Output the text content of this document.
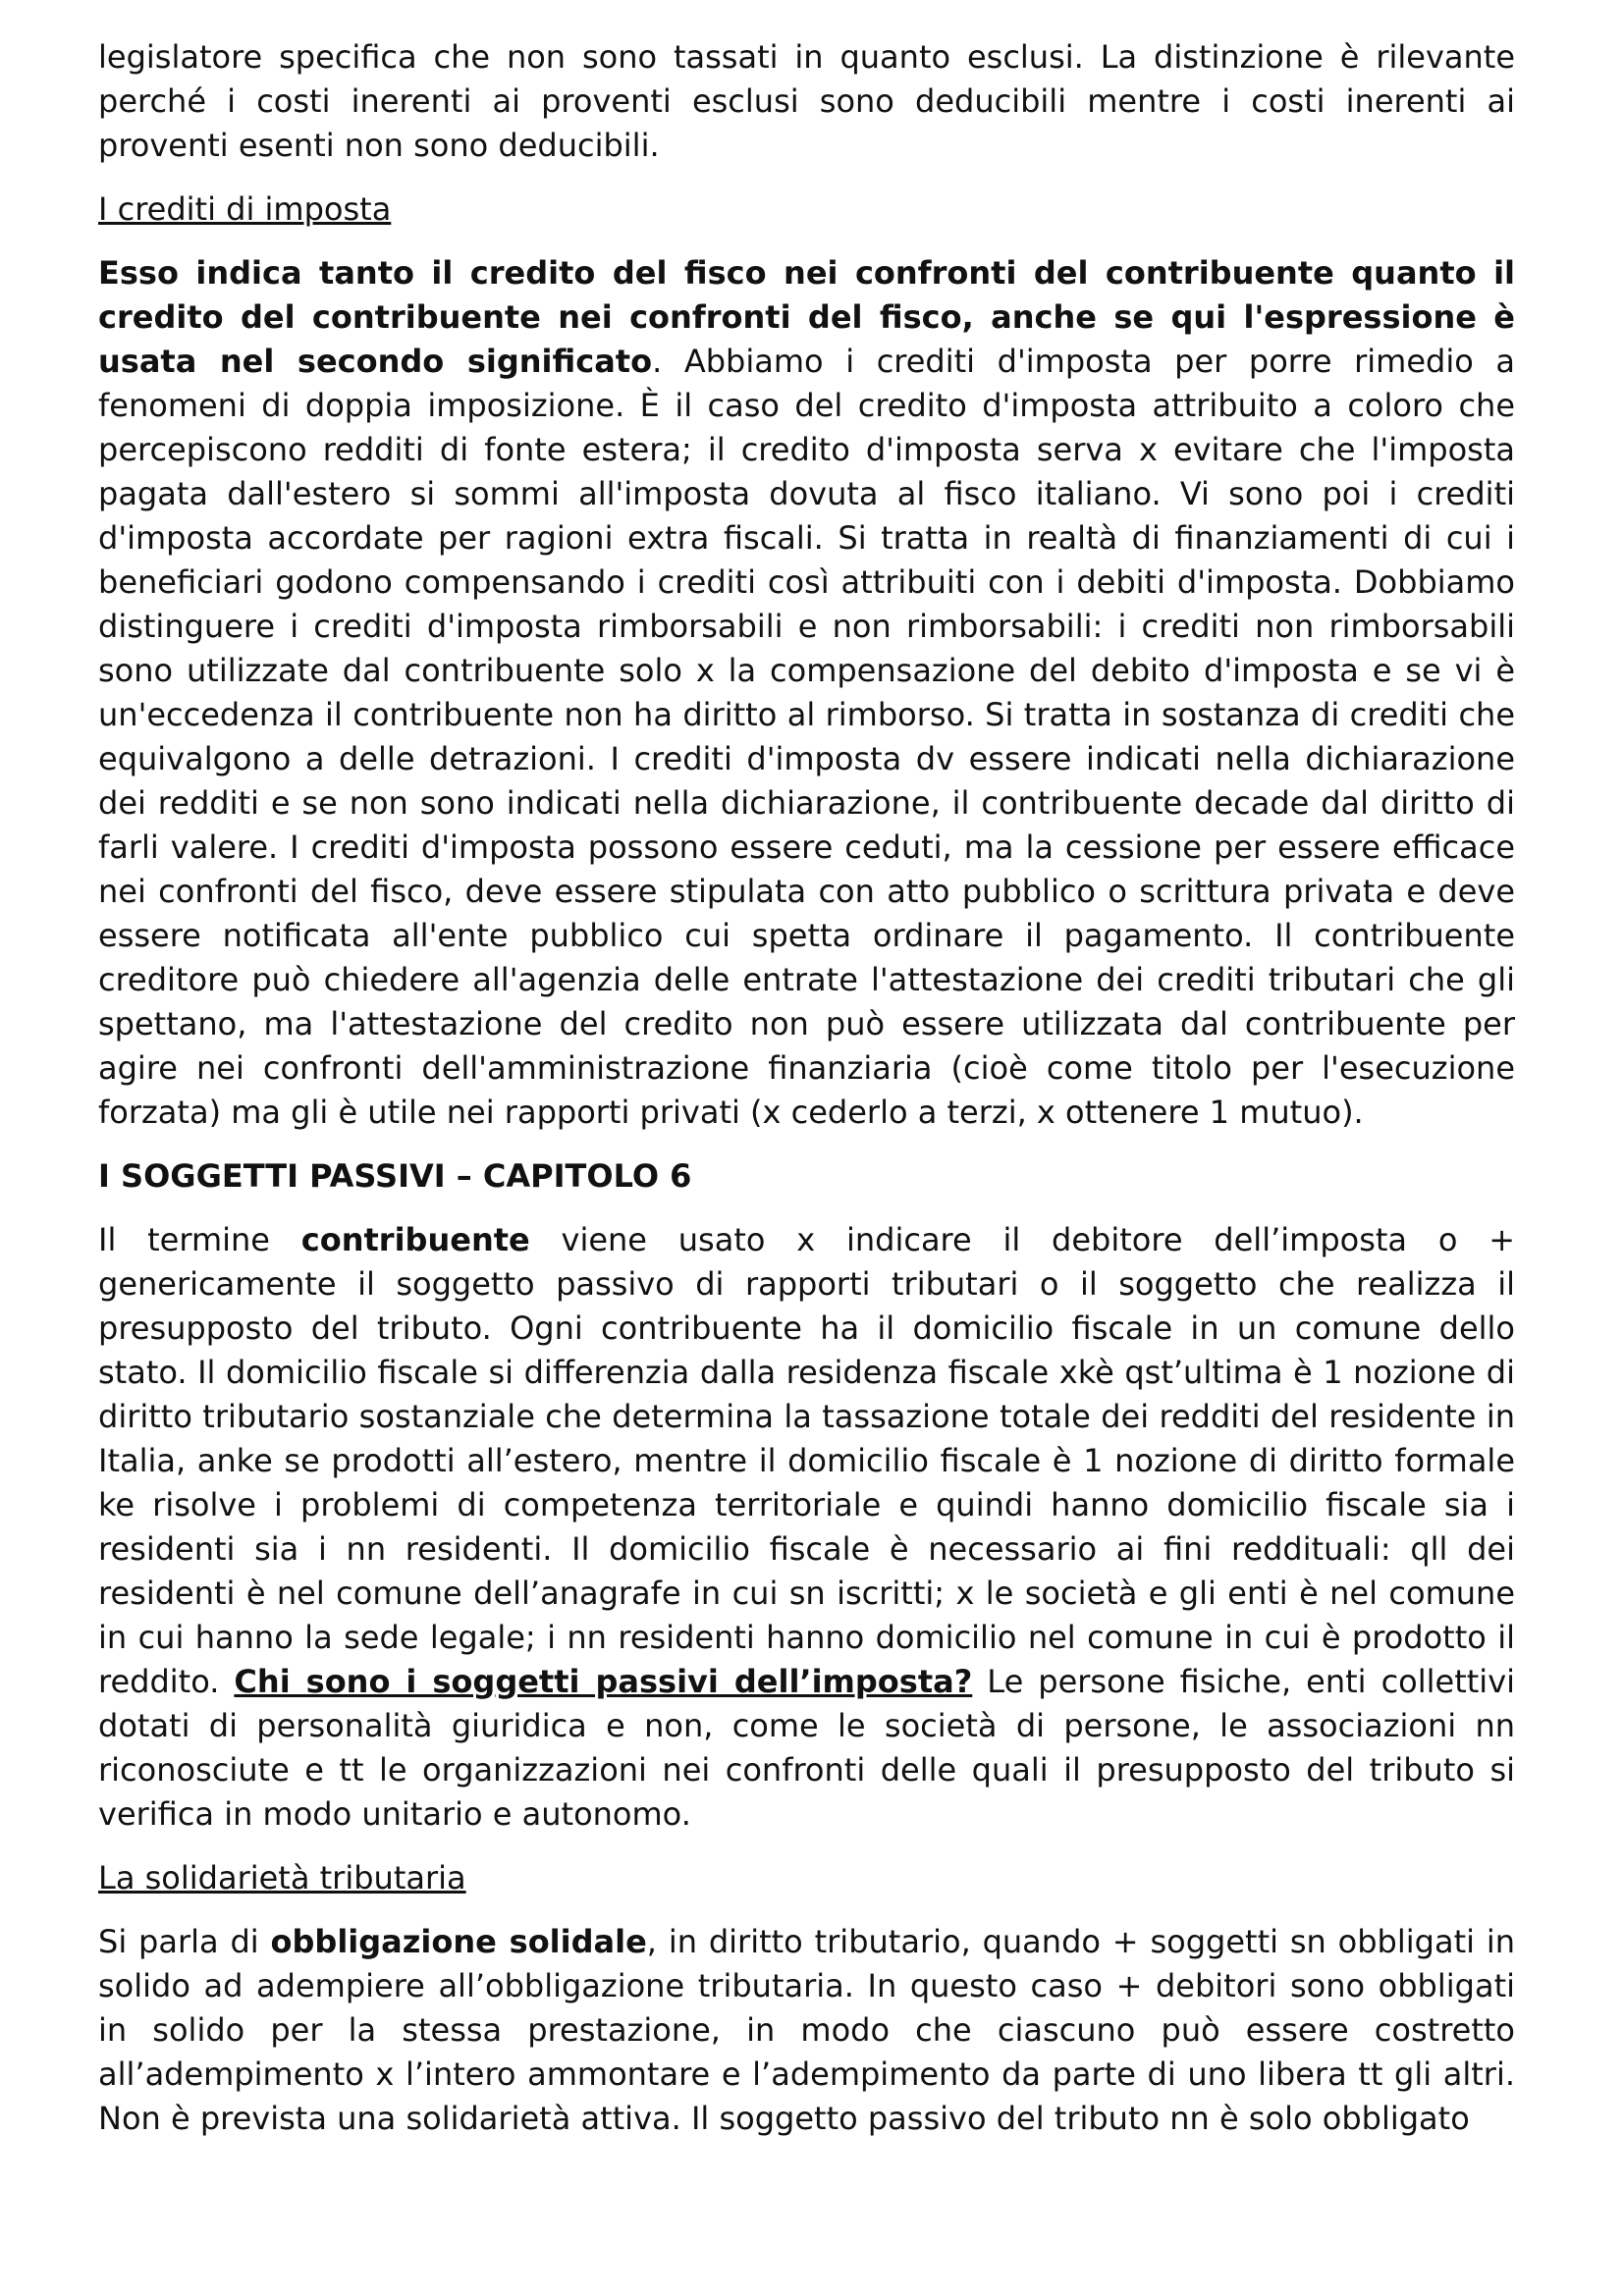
legislatore specifica che non sono tassati in quanto esclusi. La distinzione è rilevante perché i costi inerenti ai proventi esclusi sono deducibili mentre i costi inerenti ai proventi esenti non sono deducibili.

I crediti di imposta

Esso indica tanto il credito del fisco nei confronti del contribuente quanto il credito del contribuente nei confronti del fisco, anche se qui l'espressione è usata nel secondo significato. Abbiamo i crediti d'imposta per porre rimedio a fenomeni di doppia imposizione. È il caso del credito d'imposta attribuito a coloro che percepiscono redditi di fonte estera; il credito d'imposta serva x evitare che l'imposta pagata dall'estero si sommi all'imposta dovuta al fisco italiano. Vi sono poi i crediti d'imposta accordate per ragioni extra fiscali. Si tratta in realtà di finanziamenti di cui i beneficiari godono compensando i crediti così attribuiti con i debiti d'imposta. Dobbiamo distinguere i crediti d'imposta rimborsabili e non rimborsabili: i crediti non rimborsabili sono utilizzate dal contribuente solo x la compensazione del debito d'imposta e se vi è un'eccedenza il contribuente non ha diritto al rimborso. Si tratta in sostanza di crediti che equivalgono a delle detrazioni. I crediti d'imposta dv essere indicati nella dichiarazione dei redditi e se non sono indicati nella dichiarazione, il contribuente decade dal diritto di farli valere. I crediti d'imposta possono essere ceduti, ma la cessione per essere efficace nei confronti del fisco, deve essere stipulata con atto pubblico o scrittura privata e deve essere notificata all'ente pubblico cui spetta ordinare il pagamento. Il contribuente creditore può chiedere all'agenzia delle entrate l'attestazione dei crediti tributari che gli spettano, ma l'attestazione del credito non può essere utilizzata dal contribuente per agire nei confronti dell'amministrazione finanziaria (cioè come titolo per l'esecuzione forzata) ma gli è utile nei rapporti privati (x cederlo a terzi, x ottenere 1 mutuo).

I SOGGETTI PASSIVI – CAPITOLO 6

Il termine contribuente viene usato x indicare il debitore dell’imposta o + genericamente il soggetto passivo di rapporti tributari o il soggetto che realizza il presupposto del tributo. Ogni contribuente ha il domicilio fiscale in un comune dello stato. Il domicilio fiscale si differenzia dalla residenza fiscale xkè qst’ultima è 1 nozione di diritto tributario sostanziale che determina la tassazione totale dei redditi del residente in Italia, anke se prodotti all’estero, mentre il domicilio fiscale è 1 nozione di diritto formale ke risolve i problemi di competenza territoriale e quindi hanno domicilio fiscale sia i residenti sia i nn residenti. Il domicilio fiscale è necessario ai fini reddituali: qll dei residenti è nel comune dell’anagrafe in cui sn iscritti; x le società e gli enti è nel comune in cui hanno la sede legale; i nn residenti hanno domicilio nel comune in cui è prodotto il reddito. Chi sono i soggetti passivi dell’imposta? Le persone fisiche, enti collettivi dotati di personalità giuridica e non, come le società di persone, le associazioni nn riconosciute e tt le organizzazioni nei confronti delle quali il presupposto del tributo si verifica in modo unitario e autonomo.

La solidarietà tributaria

Si parla di obbligazione solidale, in diritto tributario, quando + soggetti sn obbligati in solido ad adempiere all’obbligazione tributaria. In questo caso + debitori sono obbligati in solido per la stessa prestazione, in modo che ciascuno può essere costretto all’adempimento x l’intero ammontare e l’adempimento da parte di uno libera tt gli altri. Non è prevista una solidarietà attiva. Il soggetto passivo del tributo nn è solo obbligato
